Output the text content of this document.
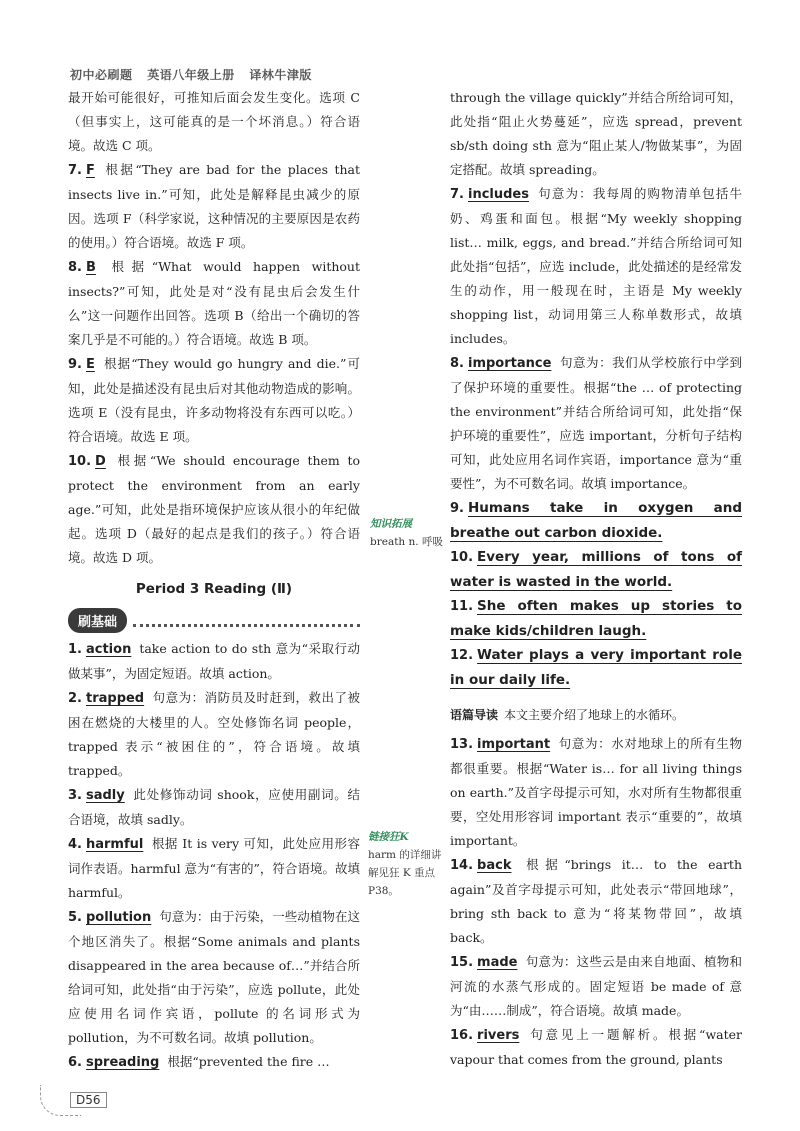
初中必刷题 英语八年级上册 译林牛津版

最开始可能很好，可推知后面会发生变化。选项 C（但事实上，这可能真的是一个坏消息。）符合语境。故选 C 项。

7. F 根据“They are bad for the places that insects live in.”可知，此处是解释昆虫减少的原因。选项 F（科学家说，这种情况的主要原因是农药的使用。）符合语境。故选 F 项。
8. B 根据“What would happen without insects?”可知，此处是对“没有昆虫后会发生什么”这一问题作出回答。选项 B（给出一个确切的答案几乎是不可能的。）符合语境。故选 B 项。
9. E 根据“They would go hungry and die.”可知，此处是描述没有昆虫后对其他动物造成的影响。选项 E（没有昆虫，许多动物将没有东西可以吃。）符合语境。故选 E 项。
10. D 根据“We should encourage them to protect the environment from an early age.”可知，此处是指环境保护应该从很小的年纪做起。选项 D（最好的起点是我们的孩子。）符合语境。故选 D 项。
Period 3 Reading (Ⅱ)
刷基础
1. action take action to do sth 意为“采取行动做某事”，为固定短语。故填 action。
2. trapped 句意为：消防员及时赶到，救出了被困在燃烧的大楼里的人。空处修饰名词 people，trapped 表示“被困住的”，符合语境。故填 trapped。
3. sadly 此处修饰动词 shook，应使用副词。结合语境，故填 sadly。
4. harmful 根据 It is very 可知，此处应用形容词作表语。harmful 意为“有害的”，符合语境。故填 harmful。
5. pollution 句意为：由于污染，一些动植物在这个地区消失了。根据“Some animals and plants disappeared in the area because of…”并结合所给词可知，此处指“由于污染”，应选 pollute，此处应使用名词作宾语，pollute 的名词形式为 pollution，为不可数名词。故填 pollution。
6. spreading 根据“prevented the fire …
知识拓展
breath n. 呼吸
链接狂K
harm 的详细讲解见狂 K 重点 P38。

through the village quickly”并结合所给词可知，此处指“阻止火势蔓延”，应选 spread，prevent sb/sth doing sth 意为“阻止某人/物做某事”，为固定搭配。故填 spreading。

7. includes 句意为：我每周的购物清单包括牛奶、鸡蛋和面包。根据“My weekly shopping list… milk, eggs, and bread.”并结合所给词可知此处指“包括”，应选 include，此处描述的是经常发生的动作，用一般现在时，主语是 My weekly shopping list，动词用第三人称单数形式，故填 includes。
8. importance 句意为：我们从学校旅行中学到了保护环境的重要性。根据“the … of protecting the environment”并结合所给词可知，此处指“保护环境的重要性”，应选 important，分析句子结构可知，此处应用名词作宾语，importance 意为“重要性”，为不可数名词。故填 importance。
9. Humans take in oxygen and breathe out carbon dioxide.
10. Every year, millions of tons of water is wasted in the world.
11. She often makes up stories to make kids/children laugh.
12. Water plays a very important role in our daily life.
语篇导读 本文主要介绍了地球上的水循环。
13. important 句意为：水对地球上的所有生物都很重要。根据“Water is… for all living things on earth.”及首字母提示可知，水对所有生物都很重要，空处用形容词 important 表示“重要的”，故填 important。
14. back 根据“brings it… to the earth again”及首字母提示可知，此处表示“带回地球”，bring sth back to 意为“将某物带回”，故填 back。
15. made 句意为：这些云是由来自地面、植物和河流的水蒸气形成的。固定短语 be made of 意为“由……制成”，符合语境。故填 made。
16. rivers 句意见上一题解析。根据“water vapour that comes from the ground, plants
D56
